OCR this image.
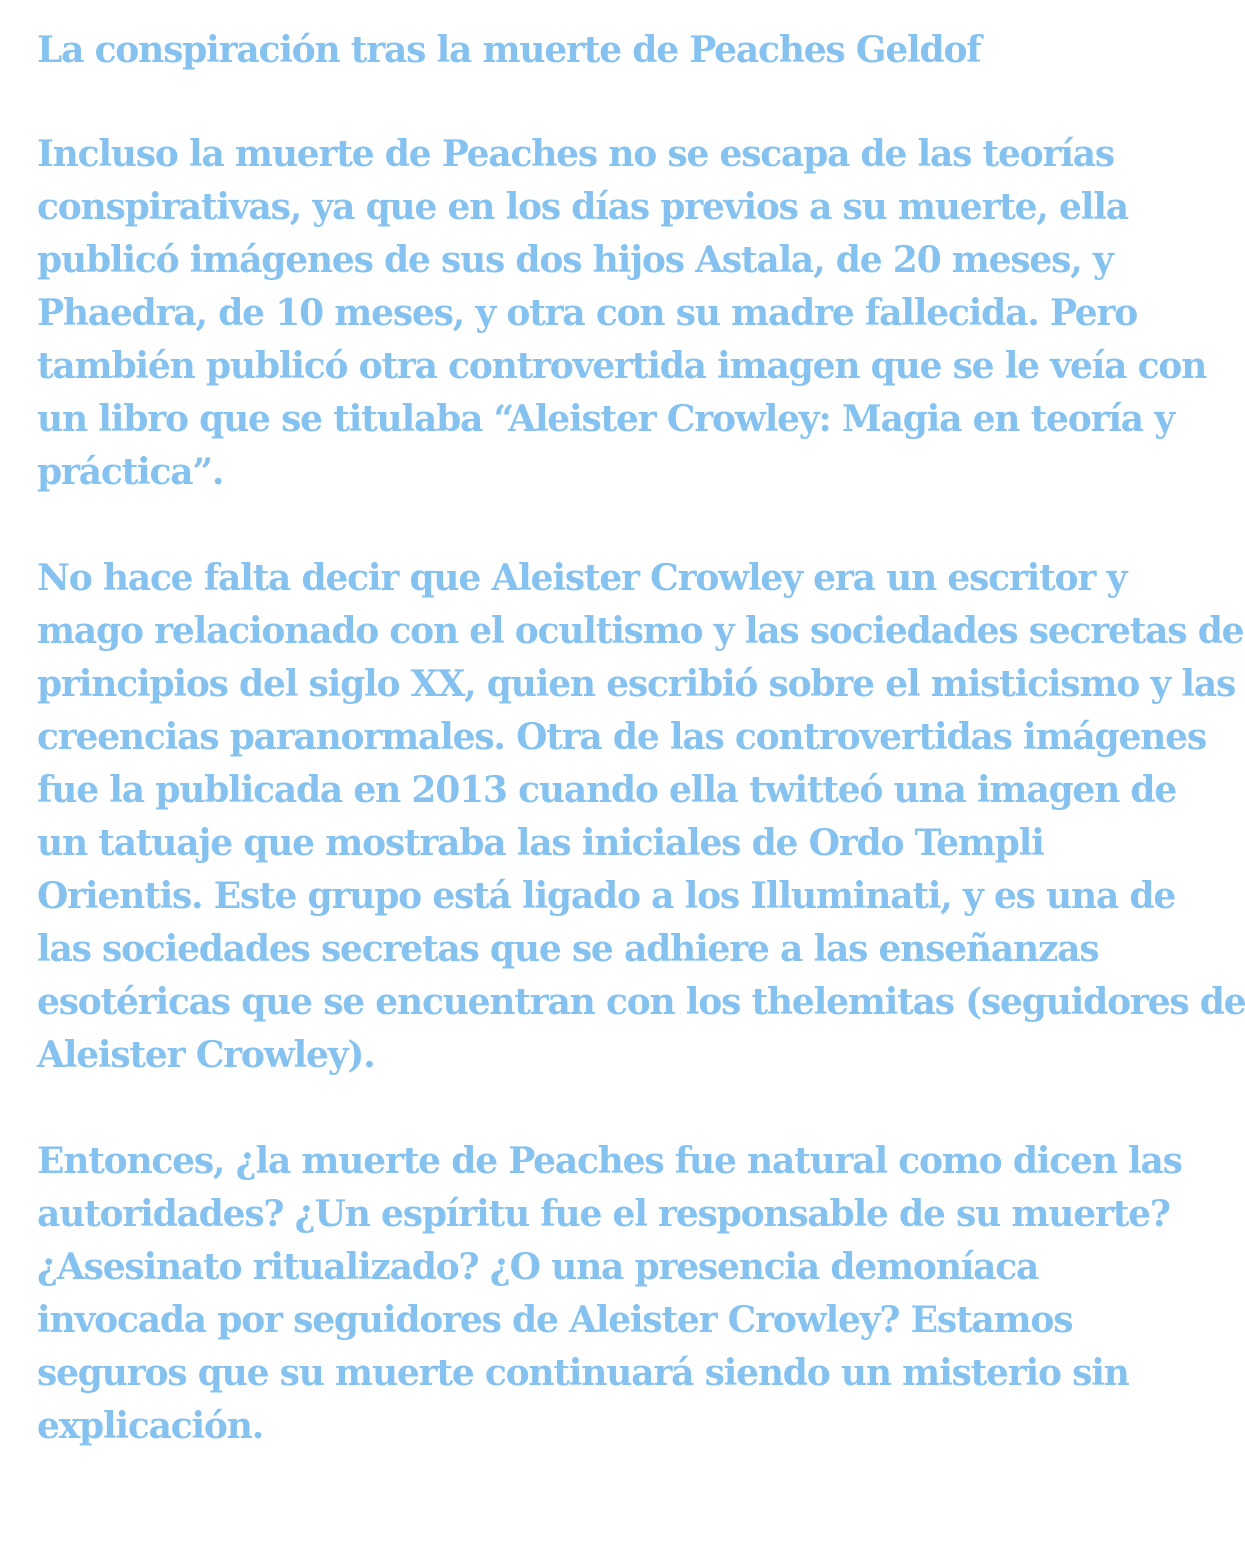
La conspiración tras la muerte de Peaches Geldof

Incluso la muerte de Peaches no se escapa de las teorías
conspirativas, ya que en los días previos a su muerte, ella
publicó imágenes de sus dos hijos Astala, de 20 meses, y
Phaedra, de 10 meses, y otra con su madre fallecida. Pero
también publicó otra controvertida imagen que se le veía con
un libro que se titulaba “Aleister Crowley: Magia en teoría y
práctica”.

No hace falta decir que Aleister Crowley era un escritor y
mago relacionado con el ocultismo y las sociedades secretas de
principios del siglo XX, quien escribió sobre el misticismo y las
creencias paranormales. Otra de las controvertidas imágenes
fue la publicada en 2013 cuando ella twitteó una imagen de
un tatuaje que mostraba las iniciales de Ordo Templi
Orientis. Este grupo está ligado a los Illuminati, y es una de
las sociedades secretas que se adhiere a las enseñanzas
esotéricas que se encuentran con los thelemitas (seguidores de
Aleister Crowley).

Entonces, ¿la muerte de Peaches fue natural como dicen las
autoridades? ¿Un espíritu fue el responsable de su muerte?
¿Asesinato ritualizado? ¿O una presencia demoníaca
invocada por seguidores de Aleister Crowley? Estamos
seguros que su muerte continuará siendo un misterio sin
explicación.
